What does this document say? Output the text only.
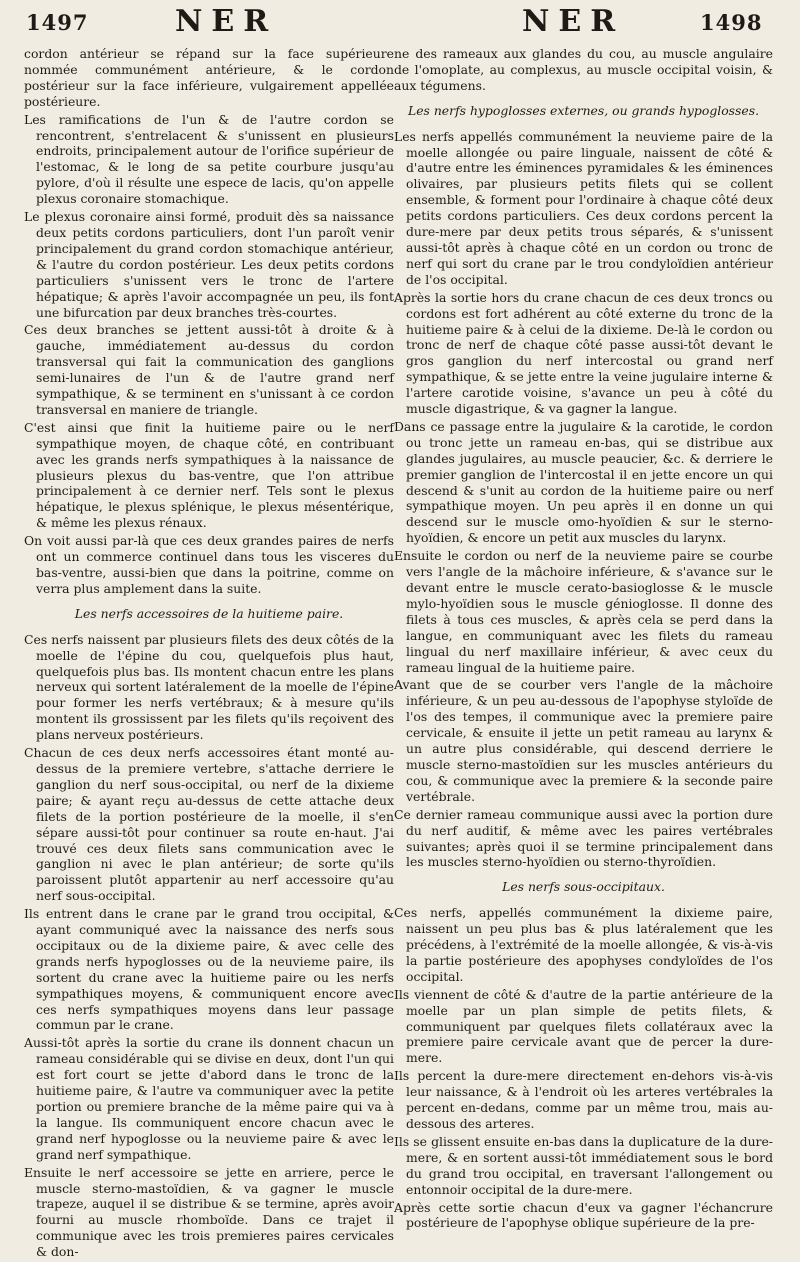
1497	NER	NER	1498

cordon antérieur se répand sur la face supérieure nommée communément antérieure, & le cordon postérieur sur la face inférieure, vulgairement appellée postérieure.

Les ramifications de l'un & de l'autre cordon se rencontrent, s'entrelacent & s'unissent en plusieurs endroits, principalement autour de l'orifice supérieur de l'estomac, & le long de sa petite courbure jusqu'au pylore, d'où il résulte une espece de lacis, qu'on appelle plexus coronaire stomachique.

Le plexus coronaire ainsi formé, produit dès sa naissance deux petits cordons particuliers, dont l'un paroît venir principalement du grand cordon stomachique antérieur, & l'autre du cordon postérieur. Les deux petits cordons particuliers s'unissent vers le tronc de l'artere hépatique; & après l'avoir accompagnée un peu, ils font une bifurcation par deux branches très-courtes.

Ces deux branches se jettent aussi-tôt à droite & à gauche, immédiatement au-dessus du cordon transversal qui fait la communication des ganglions semi-lunaires de l'un & de l'autre grand nerf sympathique, & se terminent en s'unissant à ce cordon transversal en maniere de triangle.

C'est ainsi que finit la huitieme paire ou le nerf sympathique moyen, de chaque côté, en contribuant avec les grands nerfs sympathiques à la naissance de plusieurs plexus du bas-ventre, que l'on attribue principalement à ce dernier nerf. Tels sont le plexus hépatique, le plexus splénique, le plexus mésentérique, & même les plexus rénaux.

On voit aussi par-là que ces deux grandes paires de nerfs ont un commerce continuel dans tous les visceres du bas-ventre, aussi-bien que dans la poitrine, comme on verra plus amplement dans la suite.

Les nerfs accessoires de la huitieme paire.

Ces nerfs naissent par plusieurs filets des deux côtés de la moelle de l'épine du cou, quelquefois plus haut, quelquefois plus bas. Ils montent chacun entre les plans nerveux qui sortent latéralement de la moelle de l'épine pour former les nerfs vertébraux; & à mesure qu'ils montent ils grossissent par les filets qu'ils reçoivent des plans nerveux postérieurs.

Chacun de ces deux nerfs accessoires étant monté au-dessus de la premiere vertebre, s'attache derriere le ganglion du nerf sous-occipital, ou nerf de la dixieme paire; & ayant reçu au-dessus de cette attache deux filets de la portion postérieure de la moelle, il s'en sépare aussi-tôt pour continuer sa route en-haut. J'ai trouvé ces deux filets sans communication avec le ganglion ni avec le plan antérieur; de sorte qu'ils paroissent plutôt appartenir au nerf accessoire qu'au nerf sous-occipital.

Ils entrent dans le crane par le grand trou occipital, & ayant communiqué avec la naissance des nerfs sous occipitaux ou de la dixieme paire, & avec celle des grands nerfs hypoglosses ou de la neuvieme paire, ils sortent du crane avec la huitieme paire ou les nerfs sympathiques moyens, & communiquent encore avec ces nerfs sympathiques moyens dans leur passage commun par le crane.

Aussi-tôt après la sortie du crane ils donnent chacun un rameau considérable qui se divise en deux, dont l'un qui est fort court se jette d'abord dans le tronc de la huitieme paire, & l'autre va communiquer avec la petite portion ou premiere branche de la même paire qui va à la langue. Ils communiquent encore chacun avec le grand nerf hypoglosse ou la neuvieme paire & avec le grand nerf sympathique.

Ensuite le nerf accessoire se jette en arriere, perce le muscle sterno-mastoïdien, & va gagner le muscle trapeze, auquel il se distribue & se termine, après avoir fourni au muscle rhomboïde. Dans ce trajet il communique avec les trois premieres paires cervicales & don-

ne des rameaux aux glandes du cou, au muscle angulaire de l'omoplate, au complexus, au muscle occipital voisin, & aux tégumens.

Les nerfs hypoglosses externes, ou grands hypoglosses.

Les nerfs appellés communément la neuvieme paire de la moelle allongée ou paire linguale, naissent de côté & d'autre entre les éminences pyramidales & les éminences olivaires, par plusieurs petits filets qui se collent ensemble, & forment pour l'ordinaire à chaque côté deux petits cordons particuliers. Ces deux cordons percent la dure-mere par deux petits trous séparés, & s'unissent aussi-tôt après à chaque côté en un cordon ou tronc de nerf qui sort du crane par le trou condyloïdien antérieur de l'os occipital.

Après la sortie hors du crane chacun de ces deux troncs ou cordons est fort adhérent au côté externe du tronc de la huitieme paire & à celui de la dixieme. De-là le cordon ou tronc de nerf de chaque côté passe aussi-tôt devant le gros ganglion du nerf intercostal ou grand nerf sympathique, & se jette entre la veine jugulaire interne & l'artere carotide voisine, s'avance un peu à côté du muscle digastrique, & va gagner la langue.

Dans ce passage entre la jugulaire & la carotide, le cordon ou tronc jette un rameau en-bas, qui se distribue aux glandes jugulaires, au muscle peaucier, &c. & derriere le premier ganglion de l'intercostal il en jette encore un qui descend & s'unit au cordon de la huitieme paire ou nerf sympathique moyen. Un peu après il en donne un qui descend sur le muscle omo-hyoïdien & sur le sterno-hyoïdien, & encore un petit aux muscles du larynx.

Ensuite le cordon ou nerf de la neuvieme paire se courbe vers l'angle de la mâchoire inférieure, & s'avance sur le devant entre le muscle cerato-basioglosse & le muscle mylo-hyoïdien sous le muscle génioglosse. Il donne des filets à tous ces muscles, & après cela se perd dans la langue, en communiquant avec les filets du rameau lingual du nerf maxillaire inférieur, & avec ceux du rameau lingual de la huitieme paire.

Avant que de se courber vers l'angle de la mâchoire inférieure, & un peu au-dessous de l'apophyse styloïde de l'os des tempes, il communique avec la premiere paire cervicale, & ensuite il jette un petit rameau au larynx & un autre plus considérable, qui descend derriere le muscle sterno-mastoïdien sur les muscles antérieurs du cou, & communique avec la premiere & la seconde paire vertébrale.

Ce dernier rameau communique aussi avec la portion dure du nerf auditif, & même avec les paires vertébrales suivantes; après quoi il se termine principalement dans les muscles sterno-hyoïdien ou sterno-thyroïdien.

Les nerfs sous-occipitaux.

Ces nerfs, appellés communément la dixieme paire, naissent un peu plus bas & plus latéralement que les précédens, à l'extrémité de la moelle allongée, & vis-à-vis la partie postérieure des apophyses condyloïdes de l'os occipital.

Ils viennent de côté & d'autre de la partie antérieure de la moelle par un plan simple de petits filets, & communiquent par quelques filets collatéraux avec la premiere paire cervicale avant que de percer la dure-mere.

Ils percent la dure-mere directement en-dehors vis-à-vis leur naissance, & à l'endroit où les arteres vertébrales la percent en-dedans, comme par un même trou, mais au-dessous des arteres.

Ils se glissent ensuite en-bas dans la duplicature de la dure-mere, & en sortent aussi-tôt immédiatement sous le bord du grand trou occipital, en traversant l'allongement ou entonnoir occipital de la dure-mere.

Après cette sortie chacun d'eux va gagner l'échancrure postérieure de l'apophyse oblique supérieure de la pre-
